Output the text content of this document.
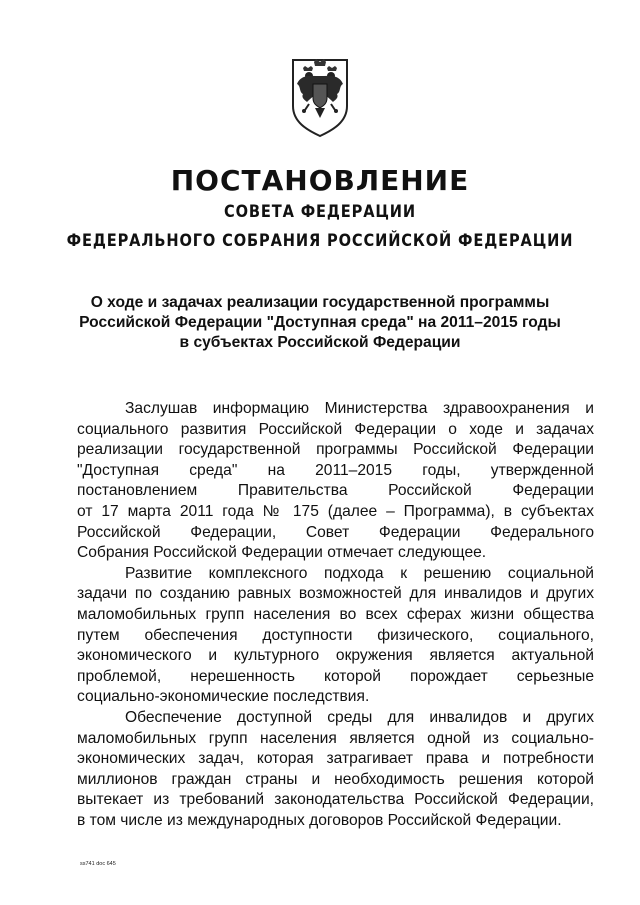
ПОСТАНОВЛЕНИЕ
СОВЕТА ФЕДЕРАЦИИ
ФЕДЕРАЛЬНОГО СОБРАНИЯ РОССИЙСКОЙ ФЕДЕРАЦИИ
О ходе и задачах реализации государственной программы
Российской Федерации "Доступная среда" на 2011–2015 годы
в субъектах Российской Федерации
Заслушав информацию Министерства здравоохранения и
социального развития Российской Федерации о ходе и задачах
реализации государственной программы Российской Федерации
"Доступная среда" на 2011–2015 годы, утвержденной
постановлением Правительства Российской Федерации
от 17 марта 2011 года № 175 (далее – Программа), в субъектах
Российской Федерации, Совет Федерации Федерального
Собрания Российской Федерации отмечает следующее.
Развитие комплексного подхода к решению социальной
задачи по созданию равных возможностей для инвалидов и других
маломобильных групп населения во всех сферах жизни общества
путем обеспечения доступности физического, социального,
экономического и культурного окружения является актуальной
проблемой, нерешенность которой порождает серьезные
социально-экономические последствия.
Обеспечение доступной среды для инвалидов и других
маломобильных групп населения является одной из социально-
экономических задач, которая затрагивает права и потребности
миллионов граждан страны и необходимость решения которой
вытекает из требований законодательства Российской Федерации,
в том числе из международных договоров Российской Федерации.
ss741 doc 645
